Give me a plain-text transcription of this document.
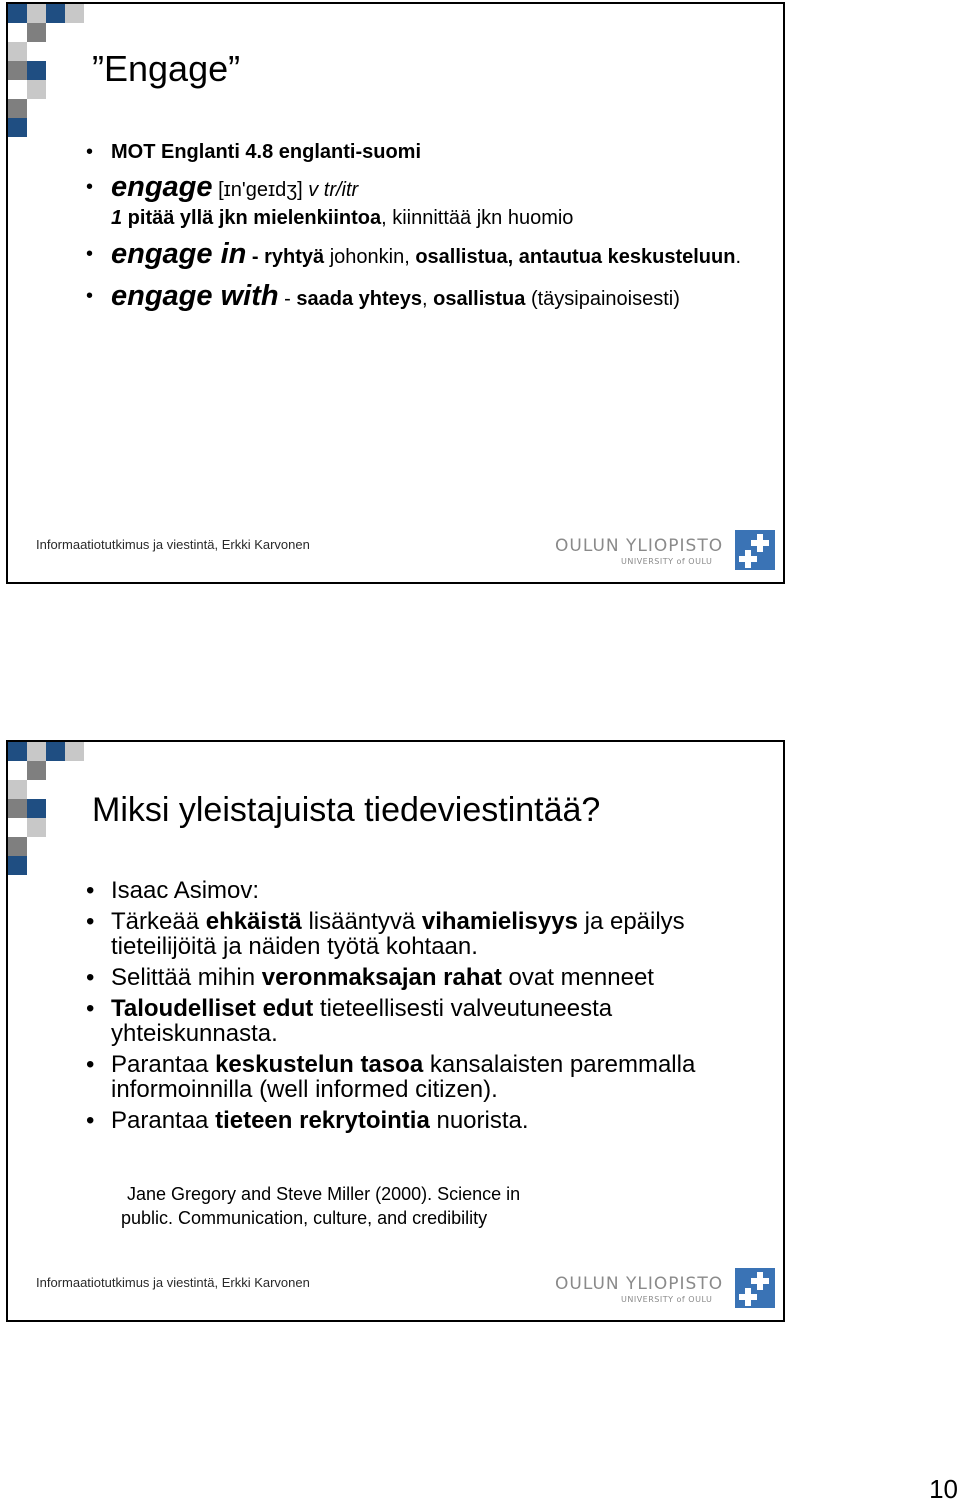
”Engage”
• MOT Englanti 4.8 englanti-suomi
• engage [ɪn'geɪdʒ] v tr/itr
1 pitää yllä jkn mielenkiintoa, kiinnittää jkn huomio
• engage in - ryhtyä johonkin, osallistua, antautua keskusteluun.
• engage with - saada yhteys, osallistua (täysipainoisesti)
Informaatiotutkimus ja viestintä, Erkki Karvonen	OULUN YLIOPISTO
UNIVERSITY of OULU
Miksi yleistajuista tiedeviestintää?
• Isaac Asimov:
• Tärkeää ehkäistä lisääntyvä vihamielisyys ja epäilys tieteilijöitä ja näiden työtä kohtaan.
• Selittää mihin veronmaksajan rahat ovat menneet
• Taloudelliset edut tieteellisesti valveutuneesta yhteiskunnasta.
• Parantaa keskustelun tasoa kansalaisten paremmalla informoinnilla (well informed citizen).
• Parantaa tieteen rekrytointia nuorista.
Jane Gregory and Steve Miller (2000). Science in
public. Communication, culture, and credibility
Informaatiotutkimus ja viestintä, Erkki Karvonen	OULUN YLIOPISTO
UNIVERSITY of OULU
10
